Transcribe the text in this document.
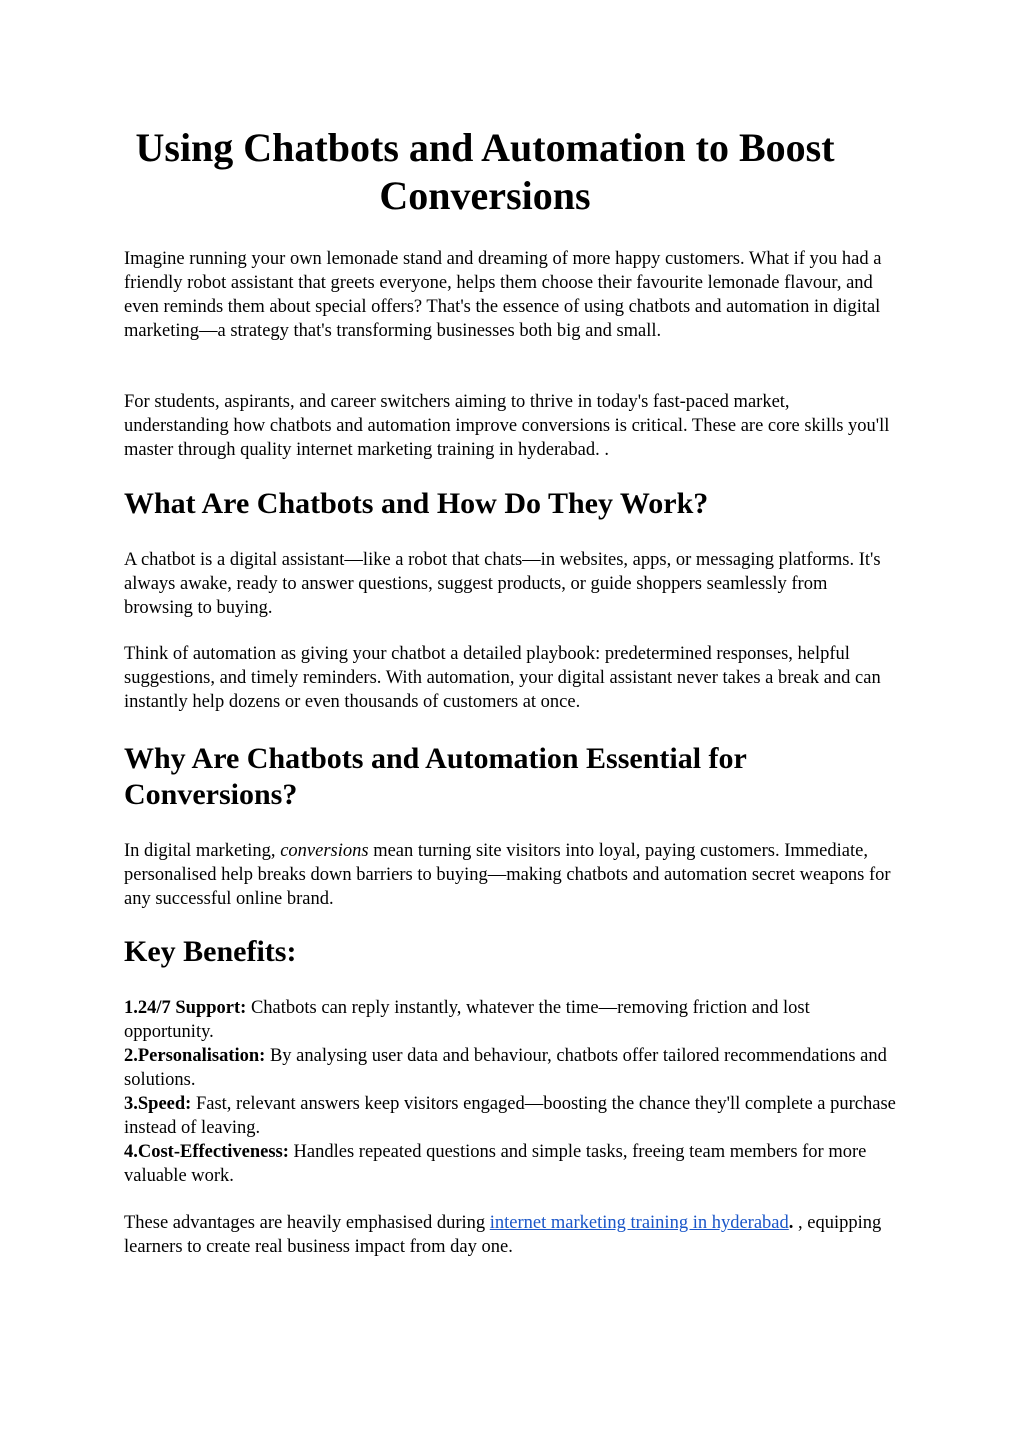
Using Chatbots and Automation to Boost Conversions

Imagine running your own lemonade stand and dreaming of more happy customers. What if you had a friendly robot assistant that greets everyone, helps them choose their favourite lemonade flavour, and even reminds them about special offers? That's the essence of using chatbots and automation in digital marketing—a strategy that's transforming businesses both big and small.

For students, aspirants, and career switchers aiming to thrive in today's fast-paced market, understanding how chatbots and automation improve conversions is critical. These are core skills you'll master through quality internet marketing training in hyderabad. .

What Are Chatbots and How Do They Work?

A chatbot is a digital assistant—like a robot that chats—in websites, apps, or messaging platforms. It's always awake, ready to answer questions, suggest products, or guide shoppers seamlessly from browsing to buying.

Think of automation as giving your chatbot a detailed playbook: predetermined responses, helpful suggestions, and timely reminders. With automation, your digital assistant never takes a break and can instantly help dozens or even thousands of customers at once.

Why Are Chatbots and Automation Essential for Conversions?

In digital marketing, conversions mean turning site visitors into loyal, paying customers. Immediate, personalised help breaks down barriers to buying—making chatbots and automation secret weapons for any successful online brand.

Key Benefits:

1.24/7 Support: Chatbots can reply instantly, whatever the time—removing friction and lost opportunity.
2.Personalisation: By analysing user data and behaviour, chatbots offer tailored recommendations and solutions.
3.Speed: Fast, relevant answers keep visitors engaged—boosting the chance they'll complete a purchase instead of leaving.
4.Cost-Effectiveness: Handles repeated questions and simple tasks, freeing team members for more valuable work.

These advantages are heavily emphasised during internet marketing training in hyderabad. , equipping learners to create real business impact from day one.
